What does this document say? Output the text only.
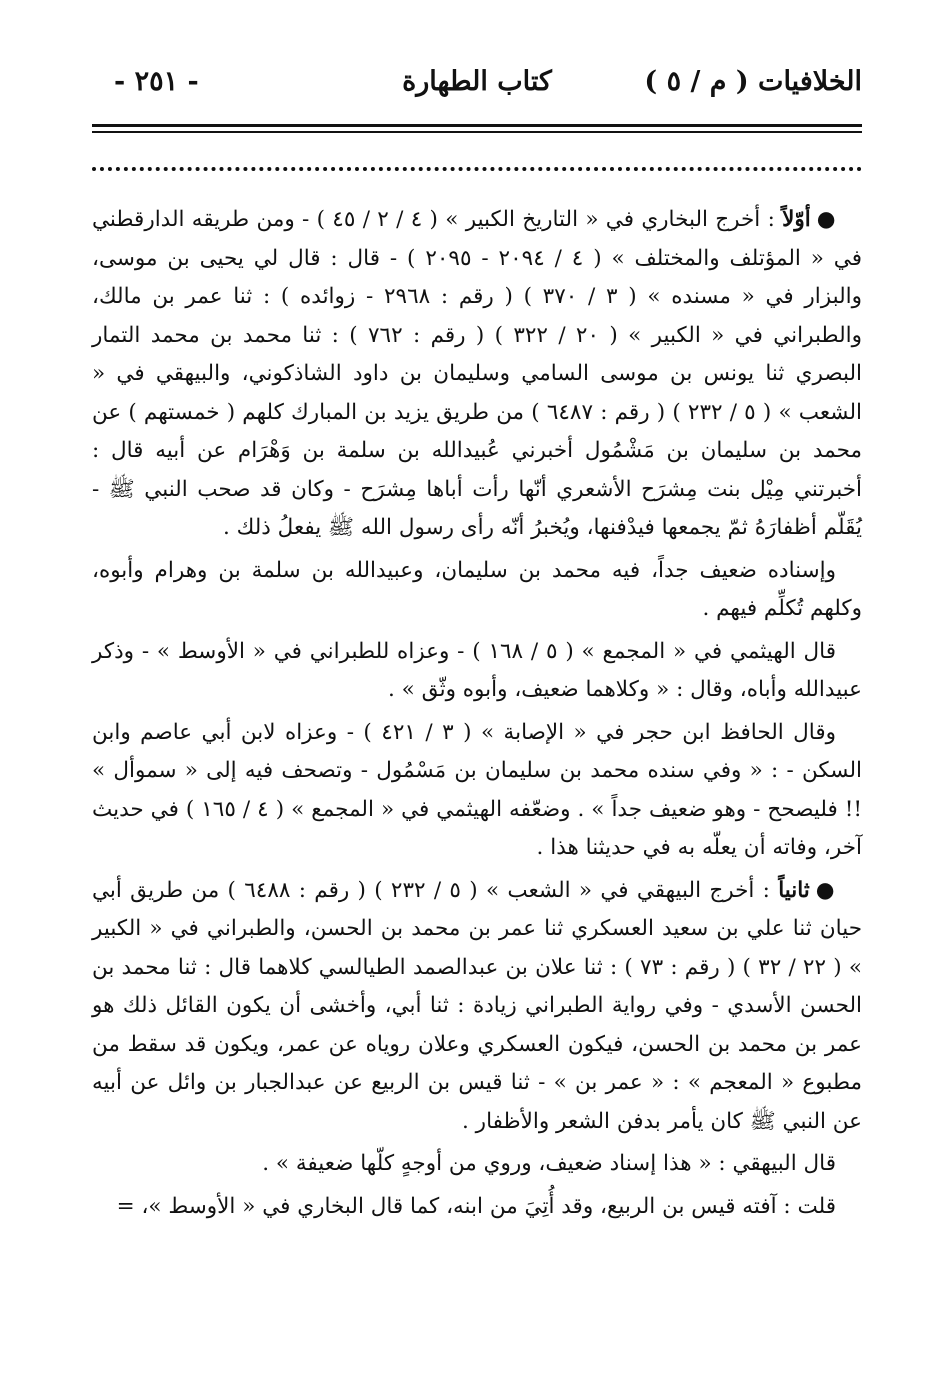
الخلافيات ( م / ٥ )
كتاب الطهارة
- ٢٥١ -

●أوّلاً : أخرج البخاري في « التاريخ الكبير » ( ٤ / ٢ / ٤٥ ) - ومن طريقه الدارقطني في « المؤتلف والمختلف » ( ٤ / ٢٠٩٤ - ٢٠٩٥ ) - قال : قال لي يحيى بن موسى، والبزار في « مسنده » ( ٣ / ٣٧٠ ) ( رقم : ٢٩٦٨ - زوائده ) : ثنا عمر بن مالك، والطبراني في « الكبير » ( ٢٠ / ٣٢٢ ) ( رقم : ٧٦٢ ) : ثنا محمد بن محمد التمار البصري ثنا يونس بن موسى السامي وسليمان بن داود الشاذكوني، والبيهقي في « الشعب » ( ٥ / ٢٣٢ ) ( رقم : ٦٤٨٧ ) من طريق يزيد بن المبارك كلهم ( خمستهم ) عن محمد بن سليمان بن مَشْمُول أخبرني عُبيدالله بن سلمة بن وَهْرَام عن أبيه قال : أخبرتني مِيْل بنت مِشرَح الأشعري أنّها رأت أباها مِشرَح - وكان قد صحب النبي ﷺ - يُقَلّم أظفارَهُ ثمّ يجمعها فيدْفنها، ويُخبرُ أنّه رأى رسول الله ﷺ يفعلُ ذلك .

وإسناده ضعيف جداً، فيه محمد بن سليمان، وعبيدالله بن سلمة بن وهرام وأبوه، وكلهم تُكلِّم فيهم .

قال الهيثمي في « المجمع » ( ٥ / ١٦٨ ) - وعزاه للطبراني في « الأوسط » - وذكر عبيدالله وأباه، وقال : « وكلاهما ضعيف، وأبوه وثّق » .

وقال الحافظ ابن حجر في « الإصابة » ( ٣ / ٤٢١ ) - وعزاه لابن أبي عاصم وابن السكن - : « وفي سنده محمد بن سليمان بن مَسْمُول - وتصحف فيه إلى « سموأل » !! فليصحح - وهو ضعيف جداً » . وضعّفه الهيثمي في « المجمع » ( ٤ / ١٦٥ ) في حديث آخر، وفاته أن يعلّه به في حديثنا هذا .

●ثانياً : أخرج البيهقي في « الشعب » ( ٥ / ٢٣٢ ) ( رقم : ٦٤٨٨ ) من طريق أبي حيان ثنا علي بن سعيد العسكري ثنا عمر بن محمد بن الحسن، والطبراني في « الكبير » ( ٢٢ / ٣٢ ) ( رقم : ٧٣ ) : ثنا علان بن عبدالصمد الطيالسي كلاهما قال : ثنا محمد بن الحسن الأسدي - وفي رواية الطبراني زيادة : ثنا أبي، وأخشى أن يكون القائل ذلك هو عمر بن محمد بن الحسن، فيكون العسكري وعلان روياه عن عمر، ويكون قد سقط من مطبوع « المعجم » : « عمر بن » - ثنا قيس بن الربيع عن عبدالجبار بن وائل عن أبيه عن النبي ﷺ كان يأمر بدفن الشعر والأظفار .

قال البيهقي : « هذا إسناد ضعيف، وروي من أوجهٍ كلّها ضعيفة » .

قلت : آفته قيس بن الربيع، وقد أُتِيَ من ابنه، كما قال البخاري في « الأوسط »، =
